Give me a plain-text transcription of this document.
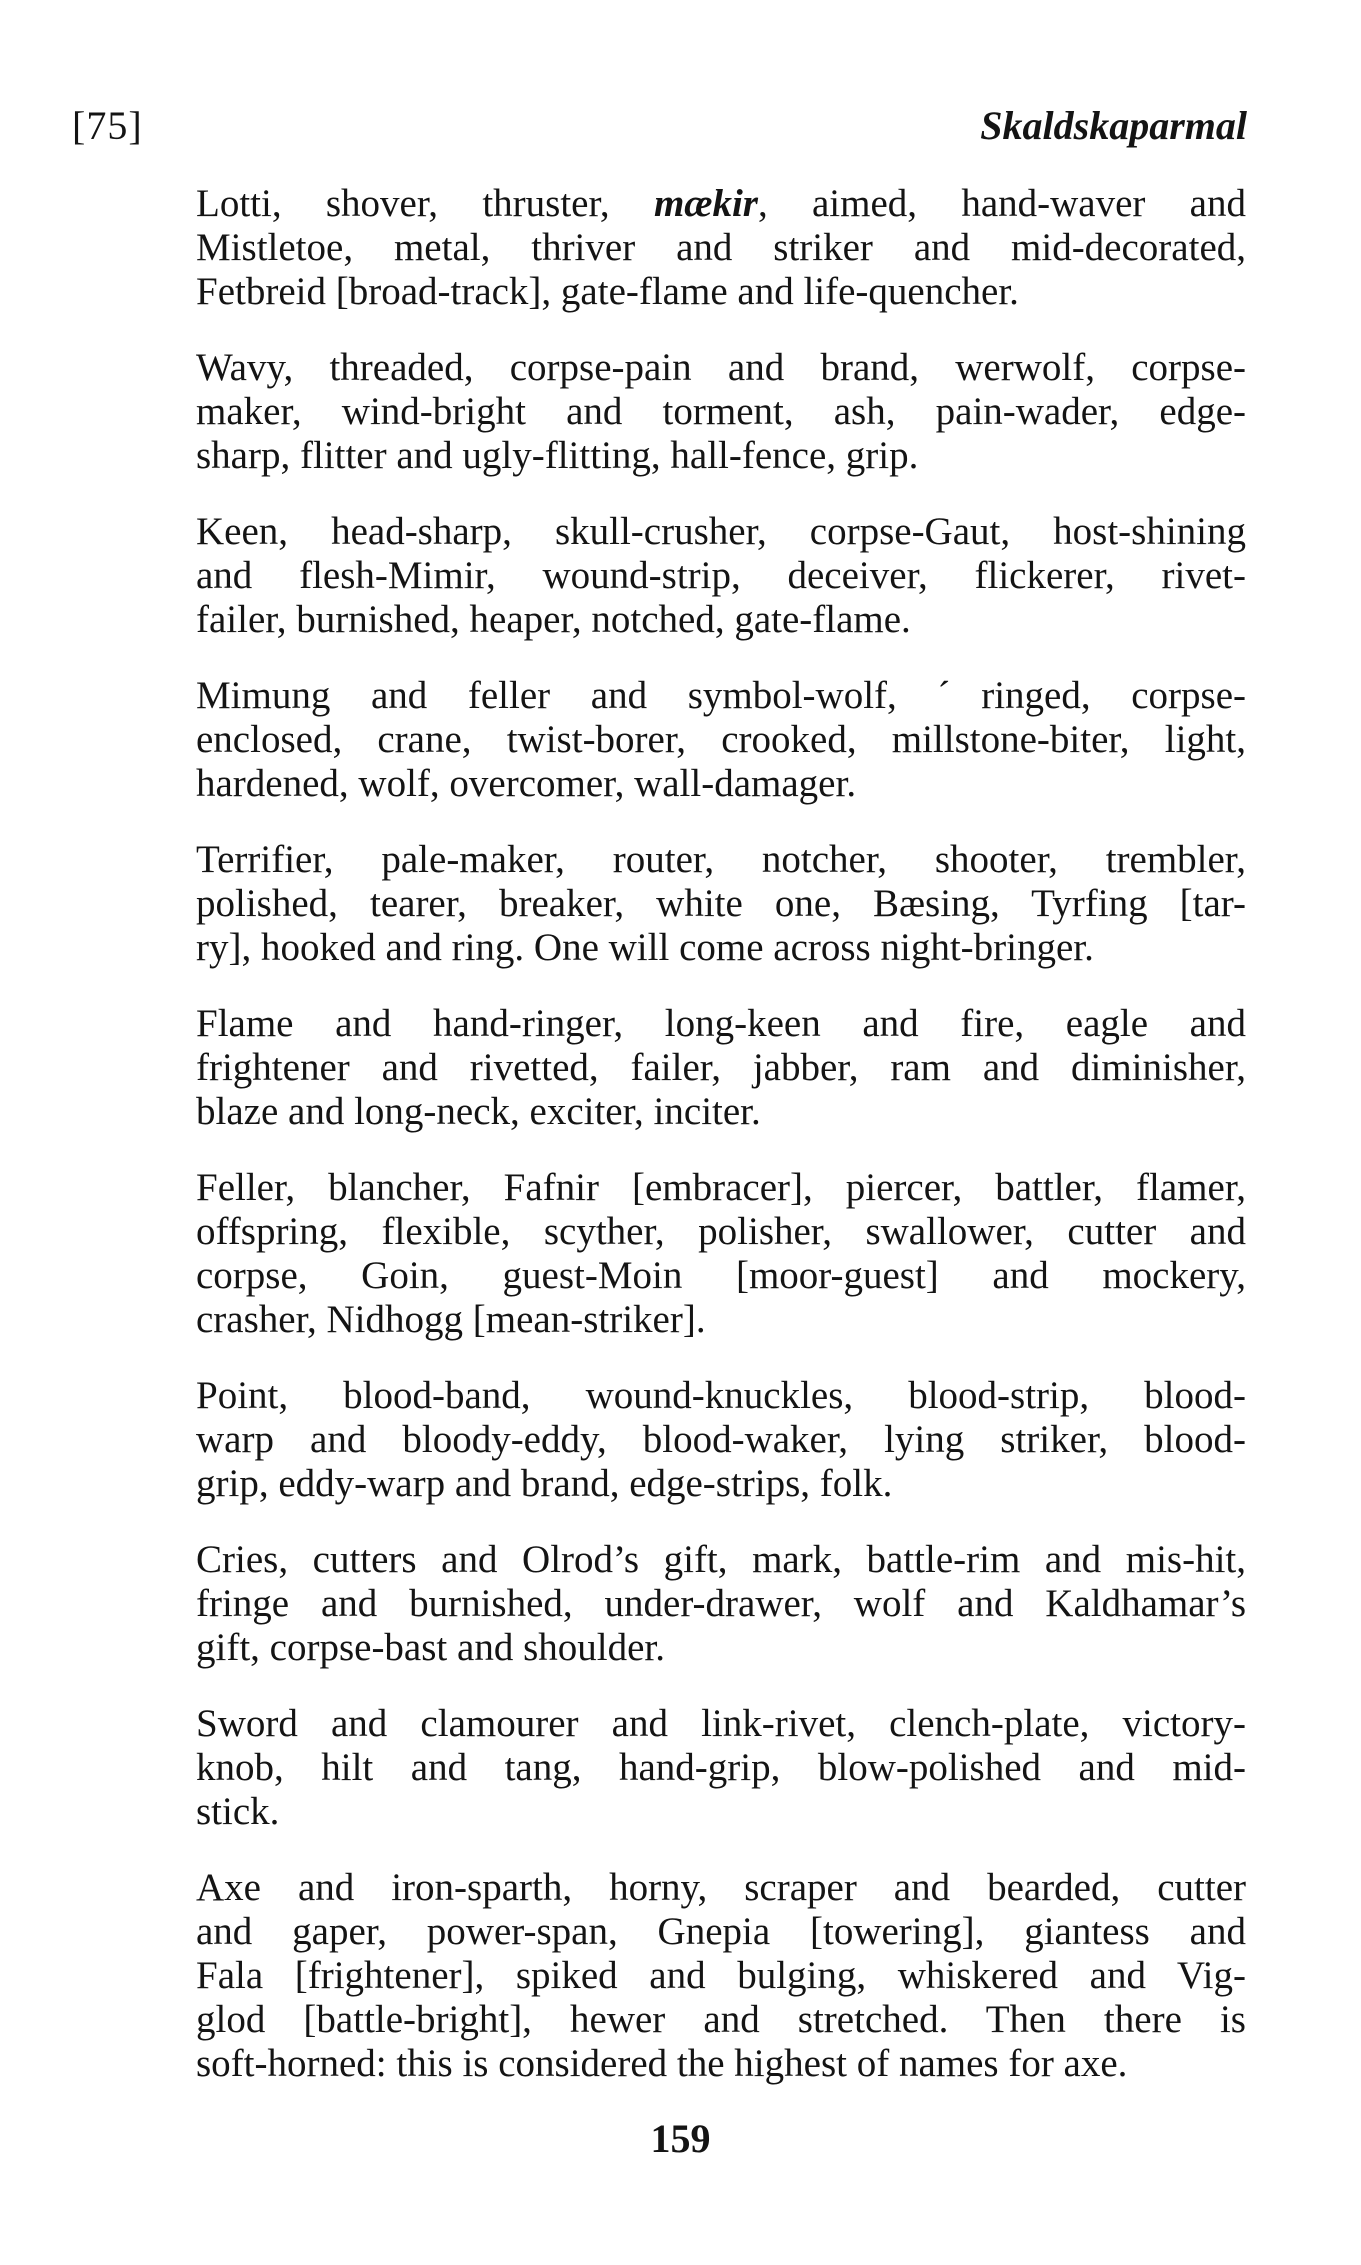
[75]	Skaldskaparmal

Lotti, shover, thruster, mækir, aimed, hand-waver and
Mistletoe, metal, thriver and striker and mid-decorated,
Fetbreid [broad-track], gate-flame and life-quencher.

Wavy, threaded, corpse-pain and brand, werwolf, corpse-
maker, wind-bright and torment, ash, pain-wader, edge-
sharp, flitter and ugly-flitting, hall-fence, grip.

Keen, head-sharp, skull-crusher, corpse-Gaut, host-shining
and flesh-Mimir, wound-strip, deceiver, flickerer, rivet-
failer, burnished, heaper, notched, gate-flame.

Mimung and feller and symbol-wolf, ˊringed, corpse-
enclosed, crane, twist-borer, crooked, millstone-biter, light,
hardened, wolf, overcomer, wall-damager.

Terrifier, pale-maker, router, notcher, shooter, trembler,
polished, tearer, breaker, white one, Bæsing, Tyrfing [tar-
ry], hooked and ring. One will come across night-bringer.

Flame and hand-ringer, long-keen and fire, eagle and
frightener and rivetted, failer, jabber, ram and diminisher,
blaze and long-neck, exciter, inciter.

Feller, blancher, Fafnir [embracer], piercer, battler, flamer,
offspring, flexible, scyther, polisher, swallower, cutter and
corpse, Goin, guest-Moin [moor-guest] and mockery,
crasher, Nidhogg [mean-striker].

Point, blood-band, wound-knuckles, blood-strip, blood-
warp and bloody-eddy, blood-waker, lying striker, blood-
grip, eddy-warp and brand, edge-strips, folk.

Cries, cutters and Olrod’s gift, mark, battle-rim and mis-hit,
fringe and burnished, under-drawer, wolf and Kaldhamar’s
gift, corpse-bast and shoulder.

Sword and clamourer and link-rivet, clench-plate, victory-
knob, hilt and tang, hand-grip, blow-polished and mid-
stick.

Axe and iron-sparth, horny, scraper and bearded, cutter
and gaper, power-span, Gnepia [towering], giantess and
Fala [frightener], spiked and bulging, whiskered and Vig-
glod [battle-bright], hewer and stretched. Then there is
soft-horned: this is considered the highest of names for axe.

159
